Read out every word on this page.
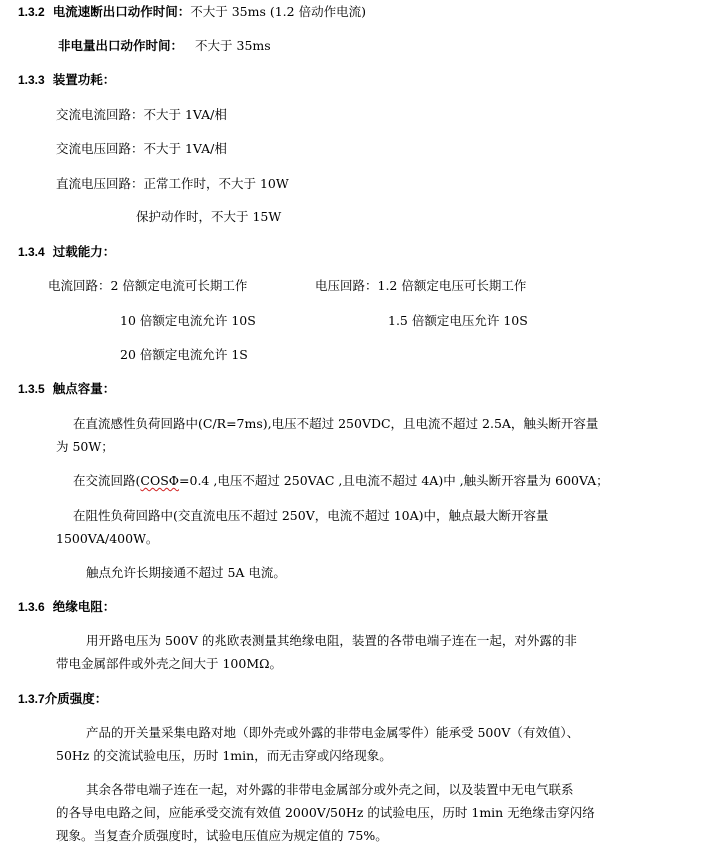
1.3.2 电流速断出口动作时间：不大于 35ms (1.2 倍动作电流)
非电量出口动作时间： 不大于 35ms
1.3.3 装置功耗：
交流电流回路：不大于 1VA/相
交流电压回路：不大于 1VA/相
直流电压回路：正常工作时，不大于 10W
保护动作时，不大于 15W
1.3.4 过载能力：
电流回路：2 倍额定电流可长期工作	电压回路：1.2 倍额定电压可长期工作
10 倍额定电流允许 10S	1.5 倍额定电压允许 10S
20 倍额定电流允许 1S
1.3.5 触点容量：
在直流感性负荷回路中(C/R=7ms),电压不超过 250VDC，且电流不超过 2.5A，触头断开容量
为 50W；
在交流回路(COSΦ=0.4 ,电压不超过 250VAC ,且电流不超过 4A)中 ,触头断开容量为 600VA；
在阻性负荷回路中(交直流电压不超过 250V，电流不超过 10A)中，触点最大断开容量
1500VA/400W。
触点允许长期接通不超过 5A 电流。
1.3.6 绝缘电阻：
用开路电压为 500V 的兆欧表测量其绝缘电阻，装置的各带电端子连在一起，对外露的非
带电金属部件或外壳之间大于 100MΩ。
1.3.7介质强度：
产品的开关量采集电路对地（即外壳或外露的非带电金属零件）能承受 500V（有效值）、
50Hz 的交流试验电压，历时 1min，而无击穿或闪络现象。
其余各带电端子连在一起，对外露的非带电金属部分或外壳之间，以及装置中无电气联系
的各导电电路之间，应能承受交流有效值 2000V/50Hz 的试验电压，历时 1min 无绝缘击穿闪络
现象。当复查介质强度时，试验电压值应为规定值的 75%。
